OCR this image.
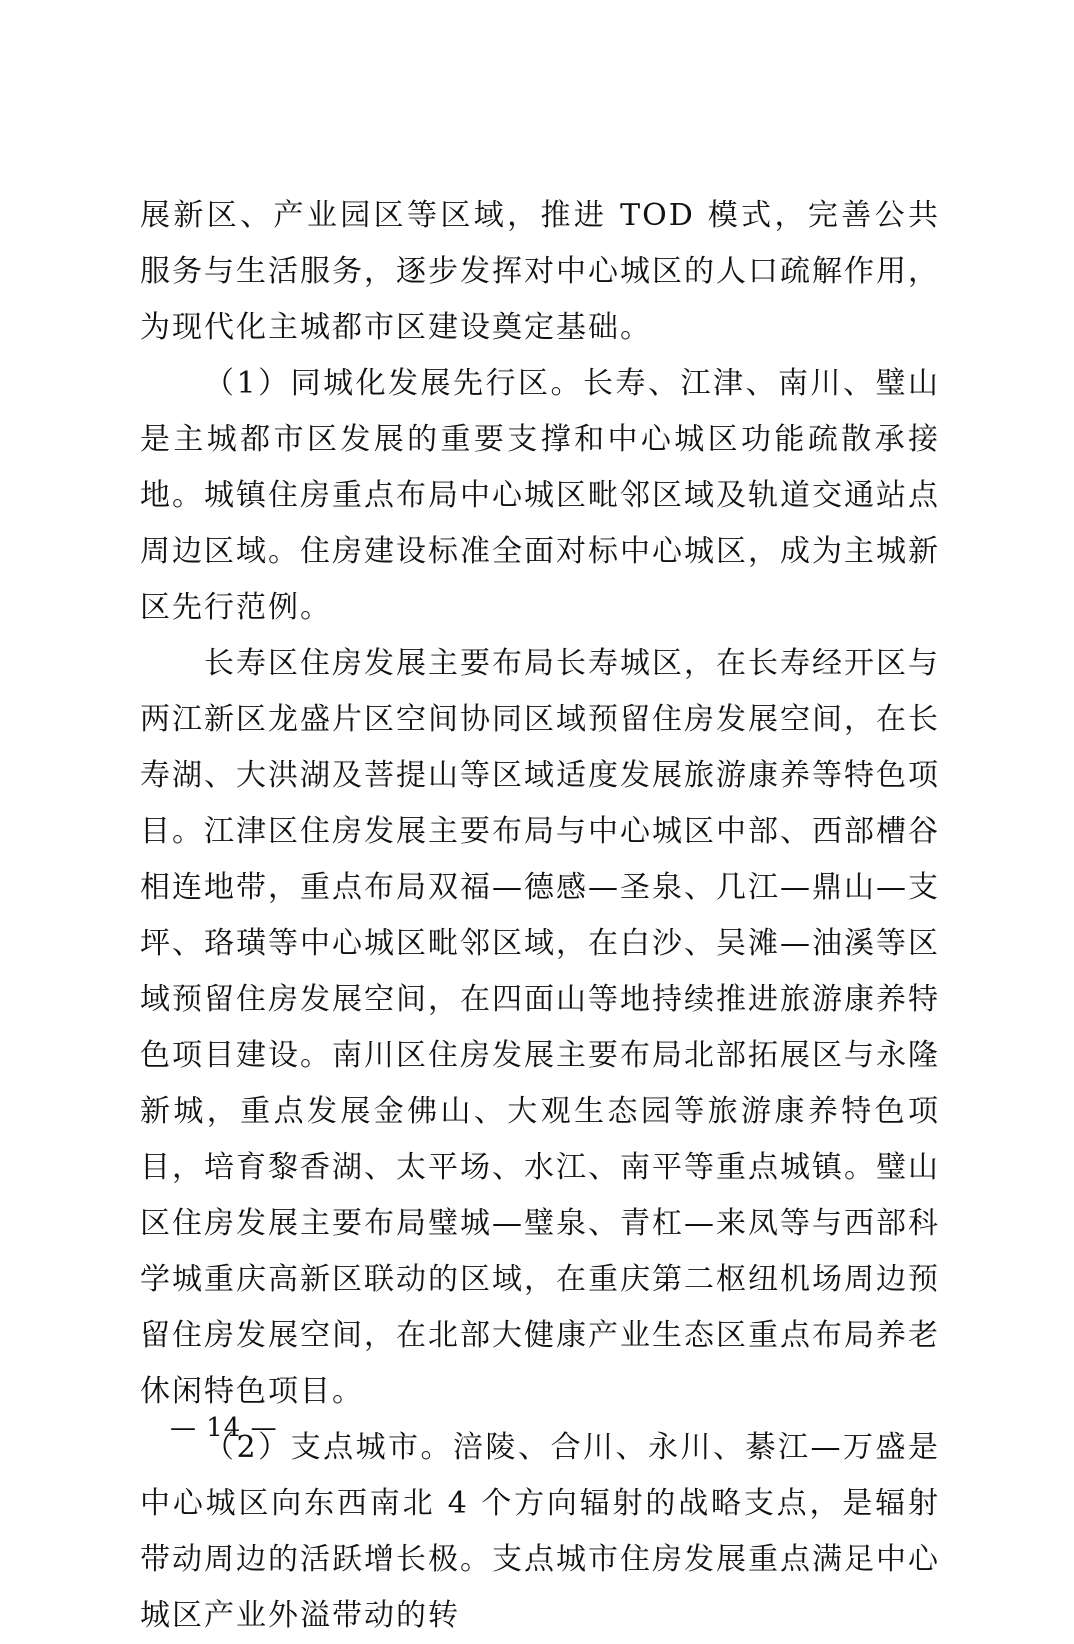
展新区、产业园区等区域，推进 TOD 模式，完善公共服务与生活服务，逐步发挥对中心城区的人口疏解作用，为现代化主城都市区建设奠定基础。

（1）同城化发展先行区。长寿、江津、南川、璧山是主城都市区发展的重要支撑和中心城区功能疏散承接地。城镇住房重点布局中心城区毗邻区域及轨道交通站点周边区域。住房建设标准全面对标中心城区，成为主城新区先行范例。

长寿区住房发展主要布局长寿城区，在长寿经开区与两江新区龙盛片区空间协同区域预留住房发展空间，在长寿湖、大洪湖及菩提山等区域适度发展旅游康养等特色项目。江津区住房发展主要布局与中心城区中部、西部槽谷相连地带，重点布局双福—德感—圣泉、几江—鼎山—支坪、珞璜等中心城区毗邻区域，在白沙、吴滩—油溪等区域预留住房发展空间，在四面山等地持续推进旅游康养特色项目建设。南川区住房发展主要布局北部拓展区与永隆新城，重点发展金佛山、大观生态园等旅游康养特色项目，培育黎香湖、太平场、水江、南平等重点城镇。璧山区住房发展主要布局璧城—璧泉、青杠—来凤等与西部科学城重庆高新区联动的区域，在重庆第二枢纽机场周边预留住房发展空间，在北部大健康产业生态区重点布局养老休闲特色项目。

（2）支点城市。涪陵、合川、永川、綦江—万盛是中心城区向东西南北 4 个方向辐射的战略支点，是辐射带动周边的活跃增长极。支点城市住房发展重点满足中心城区产业外溢带动的转

— 14 —
